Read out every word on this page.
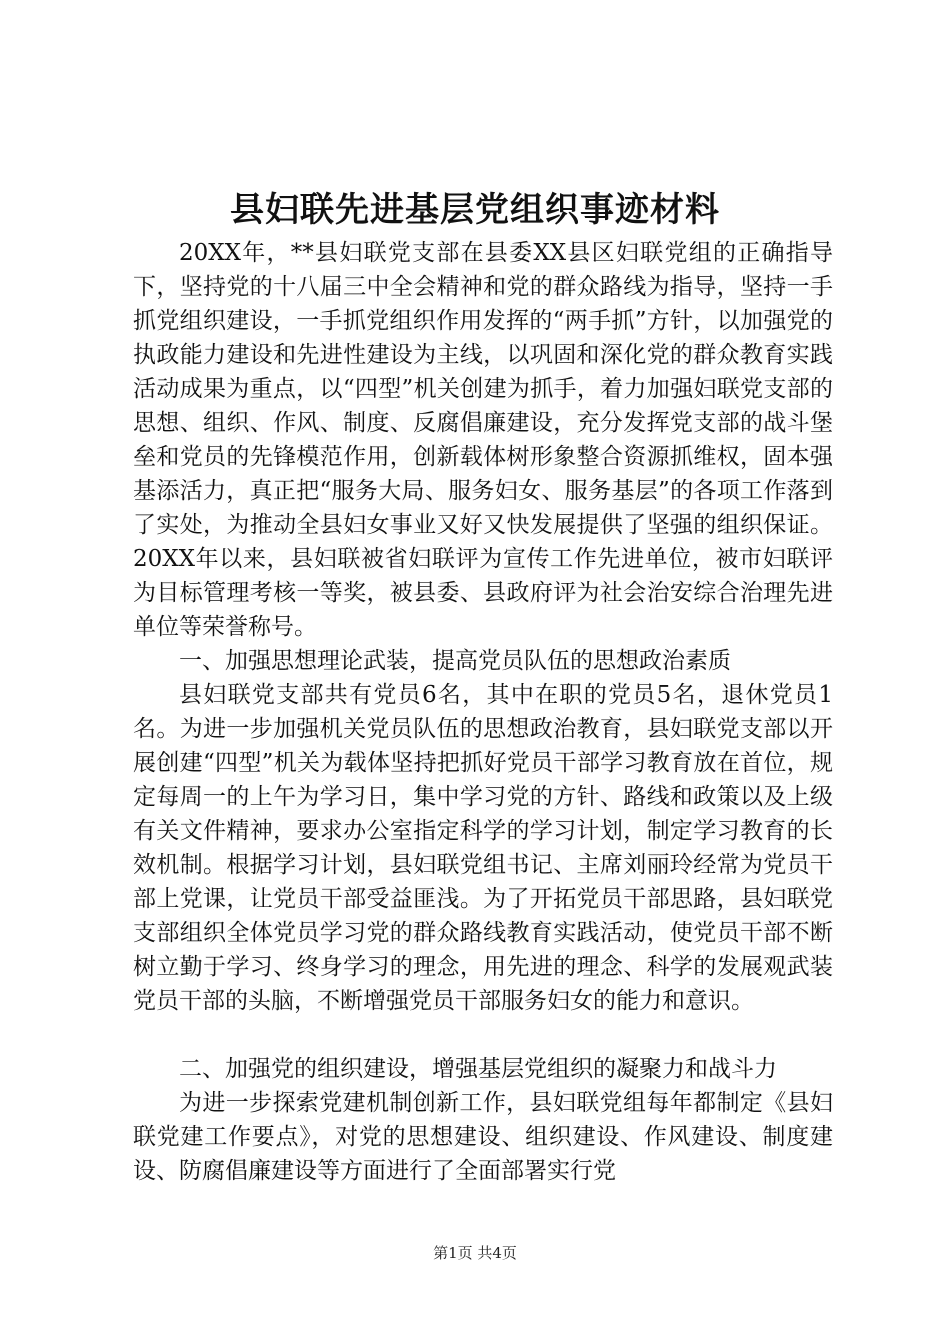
县妇联先进基层党组织事迹材料

20XX年，**县妇联党支部在县委XX县区妇联党组的正确指导下，坚持党的十八届三中全会精神和党的群众路线为指导，坚持一手抓党组织建设，一手抓党组织作用发挥的“两手抓”方针，以加强党的执政能力建设和先进性建设为主线，以巩固和深化党的群众教育实践活动成果为重点，以“四型”机关创建为抓手，着力加强妇联党支部的思想、组织、作风、制度、反腐倡廉建设，充分发挥党支部的战斗堡垒和党员的先锋模范作用，创新载体树形象整合资源抓维权，固本强基添活力，真正把“服务大局、服务妇女、服务基层”的各项工作落到了实处，为推动全县妇女事业又好又快发展提供了坚强的组织保证。20XX年以来，县妇联被省妇联评为宣传工作先进单位，被市妇联评为目标管理考核一等奖，被县委、县政府评为社会治安综合治理先进单位等荣誉称号。

一、加强思想理论武装，提高党员队伍的思想政治素质

县妇联党支部共有党员6名，其中在职的党员5名，退休党员1名。为进一步加强机关党员队伍的思想政治教育，县妇联党支部以开展创建“四型”机关为载体坚持把抓好党员干部学习教育放在首位，规定每周一的上午为学习日，集中学习党的方针、路线和政策以及上级有关文件精神，要求办公室指定科学的学习计划，制定学习教育的长效机制。根据学习计划，县妇联党组书记、主席刘丽玲经常为党员干部上党课，让党员干部受益匪浅。为了开拓党员干部思路，县妇联党支部组织全体党员学习党的群众路线教育实践活动，使党员干部不断树立勤于学习、终身学习的理念，用先进的理念、科学的发展观武装党员干部的头脑，不断增强党员干部服务妇女的能力和意识。

二、加强党的组织建设，增强基层党组织的凝聚力和战斗力

为进一步探索党建机制创新工作，县妇联党组每年都制定《县妇联党建工作要点》，对党的思想建设、组织建设、作风建设、制度建设、防腐倡廉建设等方面进行了全面部署实行党

第1页 共4页
